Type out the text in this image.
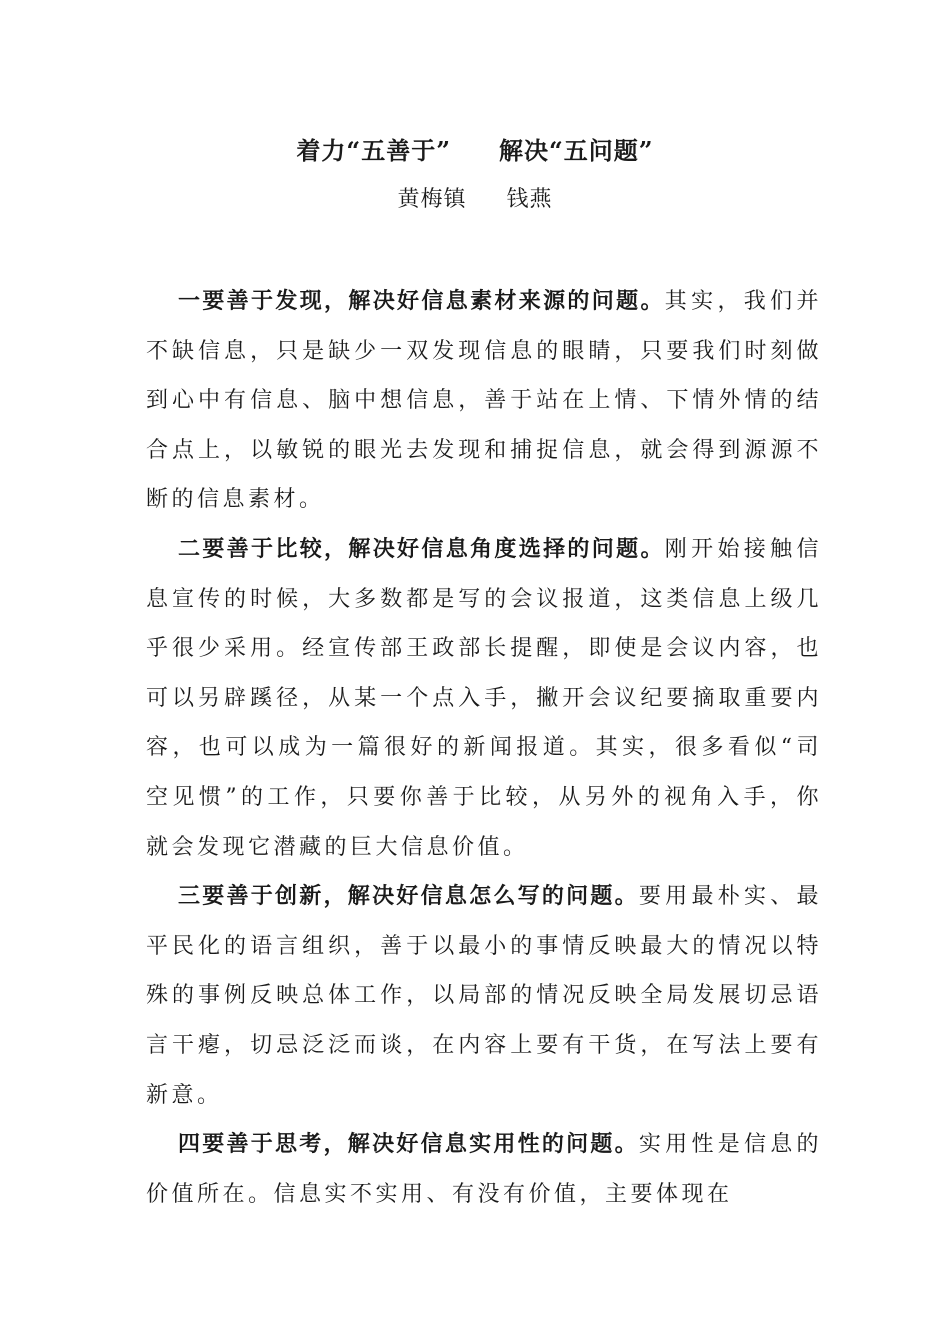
着力“五善于” 解决“五问题”
黄梅镇 钱燕

一要善于发现，解决好信息素材来源的问题。其实，我们并不缺信息，只是缺少一双发现信息的眼睛，只要我们时刻做到心中有信息、脑中想信息，善于站在上情、下情外情的结合点上，以敏锐的眼光去发现和捕捉信息，就会得到源源不断的信息素材。

二要善于比较，解决好信息角度选择的问题。刚开始接触信息宣传的时候，大多数都是写的会议报道，这类信息上级几乎很少采用。经宣传部王政部长提醒，即使是会议内容，也可以另辟蹊径，从某一个点入手，撇开会议纪要摘取重要内容，也可以成为一篇很好的新闻报道。其实，很多看似“司空见惯”的工作，只要你善于比较，从另外的视角入手，你就会发现它潜藏的巨大信息价值。

三要善于创新，解决好信息怎么写的问题。要用最朴实、最平民化的语言组织，善于以最小的事情反映最大的情况以特殊的事例反映总体工作，以局部的情况反映全局发展切忌语言干瘪，切忌泛泛而谈，在内容上要有干货，在写法上要有新意。

四要善于思考，解决好信息实用性的问题。实用性是信息的价值所在。信息实不实用、有没有价值，主要体现在
